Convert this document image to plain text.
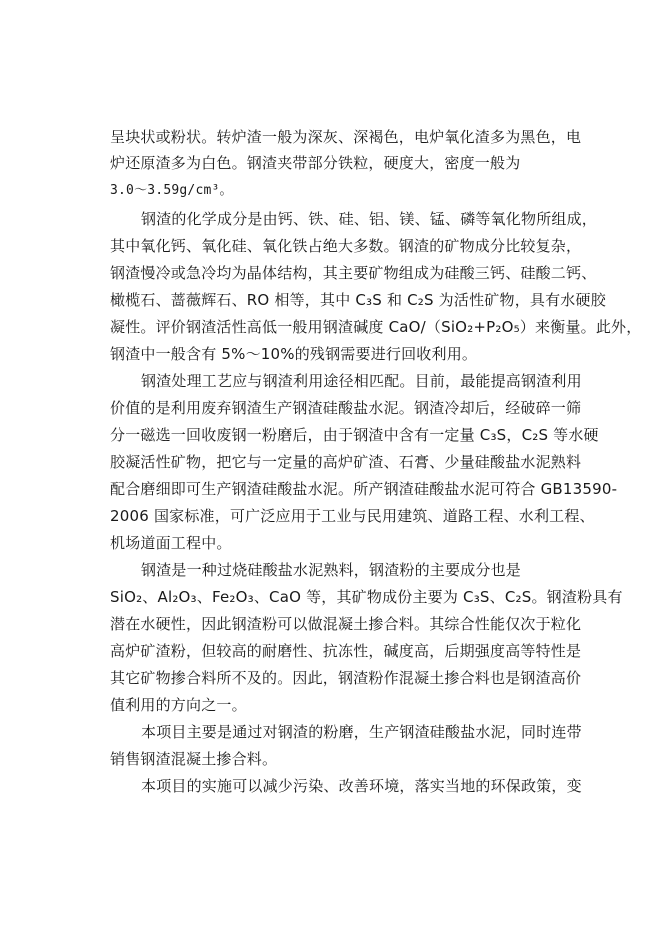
呈块状或粉状。转炉渣一般为深灰、深褐色，电炉氧化渣多为黑色，电
炉还原渣多为白色。钢渣夹带部分铁粒，硬度大，密度一般为
3.0～3.59g/cm³。
钢渣的化学成分是由钙、铁、硅、铝、镁、锰、磷等氧化物所组成，
其中氧化钙、氧化硅、氧化铁占绝大多数。钢渣的矿物成分比较复杂，
钢渣慢冷或急冷均为晶体结构，其主要矿物组成为硅酸三钙、硅酸二钙、
橄榄石、蔷薇辉石、RO 相等，其中 C₃S 和 C₂S 为活性矿物，具有水硬胶
凝性。评价钢渣活性高低一般用钢渣碱度 CaO/（SiO₂+P₂O₅）来衡量。此外，
钢渣中一般含有 5%～10%的残钢需要进行回收利用。
钢渣处理工艺应与钢渣利用途径相匹配。目前，最能提高钢渣利用
价值的是利用废弃钢渣生产钢渣硅酸盐水泥。钢渣冷却后，经破碎一筛
分一磁选一回收废钢一粉磨后，由于钢渣中含有一定量 C₃S，C₂S 等水硬
胶凝活性矿物，把它与一定量的高炉矿渣、石膏、少量硅酸盐水泥熟料
配合磨细即可生产钢渣硅酸盐水泥。所产钢渣硅酸盐水泥可符合 GB13590-
2006 国家标准，可广泛应用于工业与民用建筑、道路工程、水利工程、
机场道面工程中。
钢渣是一种过烧硅酸盐水泥熟料，钢渣粉的主要成分也是
SiO₂、Al₂O₃、Fe₂O₃、CaO 等，其矿物成份主要为 C₃S、C₂S。钢渣粉具有
潜在水硬性，因此钢渣粉可以做混凝土掺合料。其综合性能仅次于粒化
高炉矿渣粉，但较高的耐磨性、抗冻性，碱度高，后期强度高等特性是
其它矿物掺合料所不及的。因此，钢渣粉作混凝土掺合料也是钢渣高价
值利用的方向之一。
本项目主要是通过对钢渣的粉磨，生产钢渣硅酸盐水泥，同时连带
销售钢渣混凝土掺合料。
本项目的实施可以减少污染、改善环境，落实当地的环保政策，变
